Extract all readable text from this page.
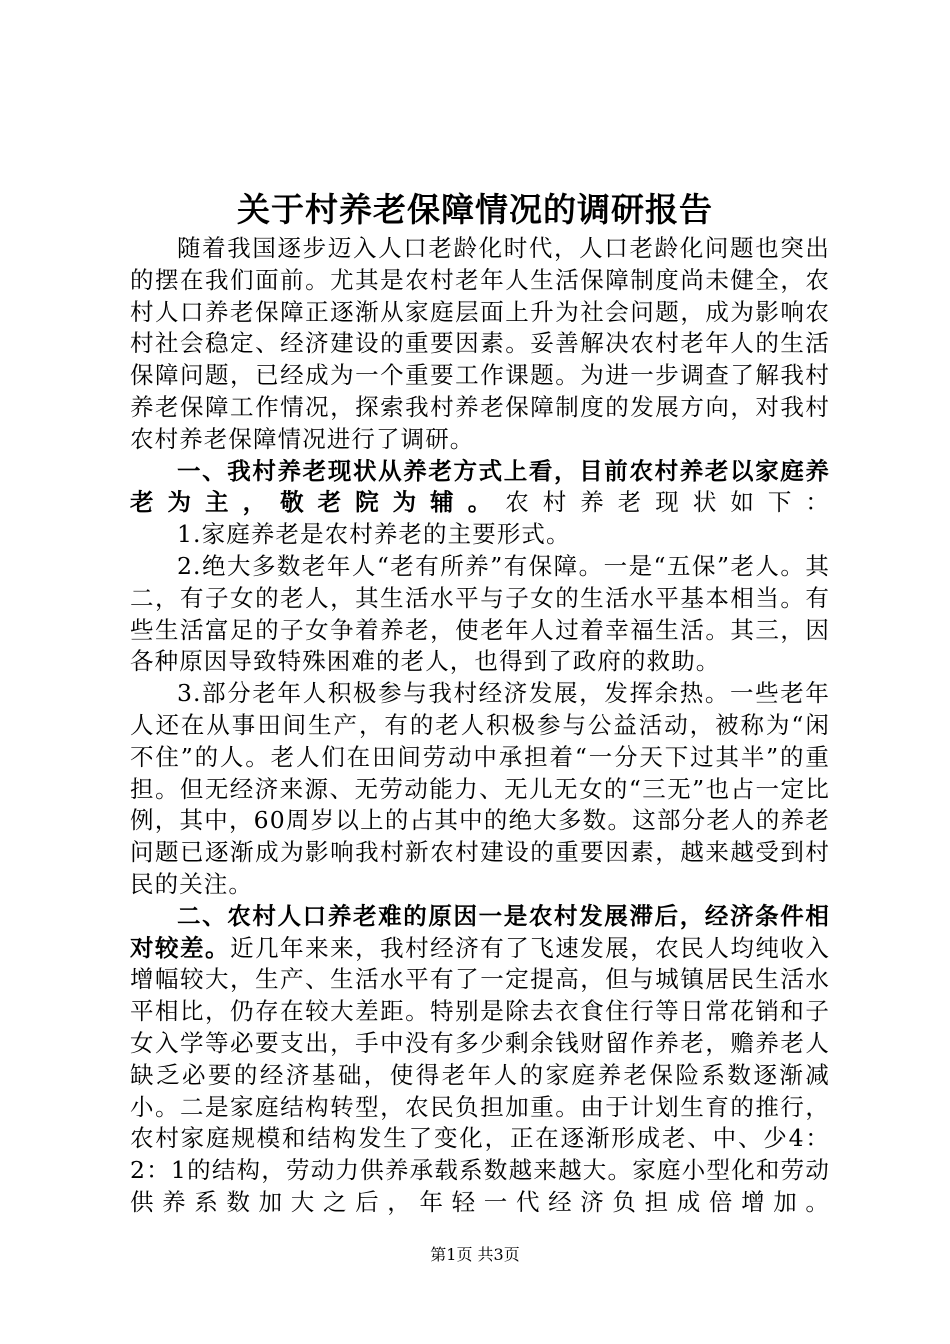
关于村养老保障情况的调研报告

随着我国逐步迈入人口老龄化时代，人口老龄化问题也突出的摆在我们面前。尤其是农村老年人生活保障制度尚未健全，农村人口养老保障正逐渐从家庭层面上升为社会问题，成为影响农村社会稳定、经济建设的重要因素。妥善解决农村老年人的生活保障问题，已经成为一个重要工作课题。为进一步调查了解我村养老保障工作情况，探索我村养老保障制度的发展方向，对我村农村养老保障情况进行了调研。

一、我村养老现状从养老方式上看，目前农村养老以家庭养老为主，敬老院为辅。农村养老现状如下：

1.家庭养老是农村养老的主要形式。

2.绝大多数老年人“老有所养”有保障。一是“五保”老人。其二，有子女的老人，其生活水平与子女的生活水平基本相当。有些生活富足的子女争着养老，使老年人过着幸福生活。其三，因各种原因导致特殊困难的老人，也得到了政府的救助。

3.部分老年人积极参与我村经济发展，发挥余热。一些老年人还在从事田间生产，有的老人积极参与公益活动，被称为“闲不住”的人。老人们在田间劳动中承担着“一分天下过其半”的重担。但无经济来源、无劳动能力、无儿无女的“三无”也占一定比例，其中，60周岁以上的占其中的绝大多数。这部分老人的养老问题已逐渐成为影响我村新农村建设的重要因素，越来越受到村民的关注。

二、农村人口养老难的原因一是农村发展滞后，经济条件相对较差。近几年来来，我村经济有了飞速发展，农民人均纯收入增幅较大，生产、生活水平有了一定提高，但与城镇居民生活水平相比，仍存在较大差距。特别是除去衣食住行等日常花销和子女入学等必要支出，手中没有多少剩余钱财留作养老，赡养老人缺乏必要的经济基础，使得老年人的家庭养老保险系数逐渐减小。二是家庭结构转型，农民负担加重。由于计划生育的推行，农村家庭规模和结构发生了变化，正在逐渐形成老、中、少4：2：1的结构，劳动力供养承载系数越来越大。家庭小型化和劳动供养系数加大之后，年轻一代经济负担成倍增加。

第1页 共3页
